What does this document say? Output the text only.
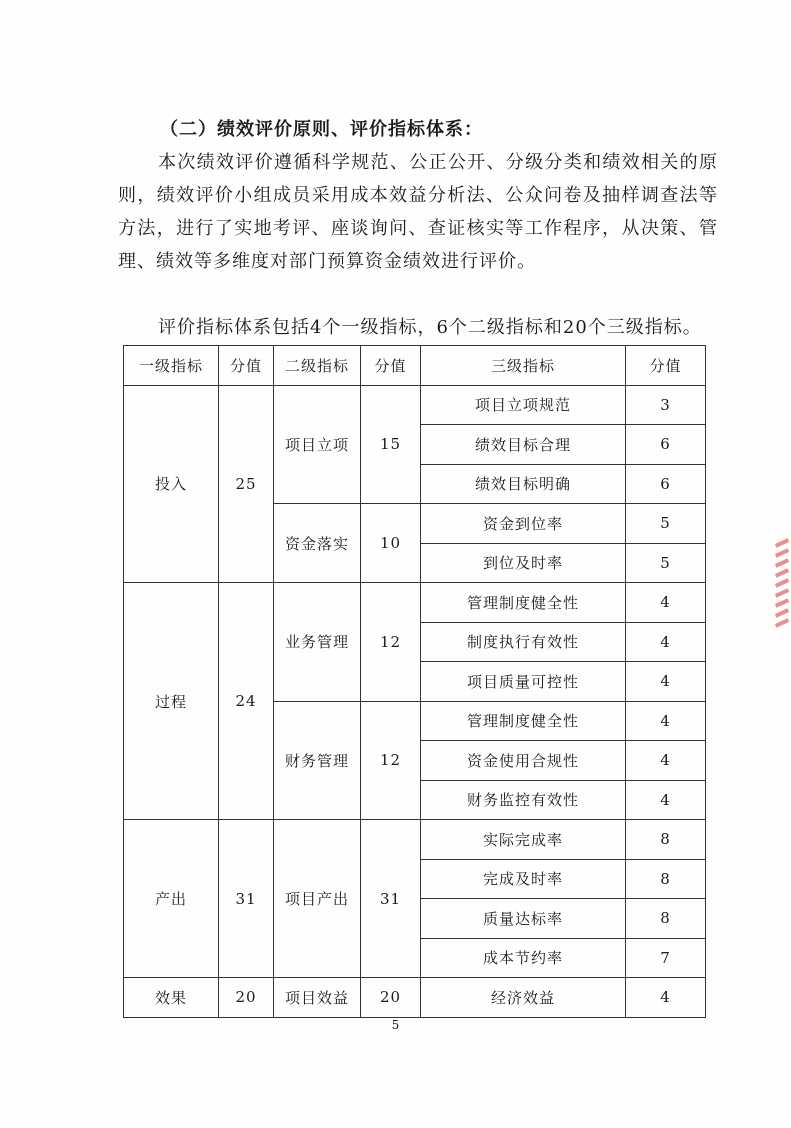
（二）绩效评价原则、评价指标体系：

本次绩效评价遵循科学规范、公正公开、分级分类和绩效相关的原则，绩效评价小组成员采用成本效益分析法、公众问卷及抽样调查法等方法，进行了实地考评、座谈询问、查证核实等工作程序，从决策、管理、绩效等多维度对部门预算资金绩效进行评价。

评价指标体系包括4个一级指标，6个二级指标和20个三级指标。

一级指标	分值	二级指标	分值	三级指标	分值
投入	25	项目立项	15	项目立项规范	3
				绩效目标合理	6
				绩效目标明确	6
		资金落实	10	资金到位率	5
				到位及时率	5
过程	24	业务管理	12	管理制度健全性	4
				制度执行有效性	4
				项目质量可控性	4
		财务管理	12	管理制度健全性	4
				资金使用合规性	4
				财务监控有效性	4
产出	31	项目产出	31	实际完成率	8
				完成及时率	8
				质量达标率	8
				成本节约率	7
效果	20	项目效益	20	经济效益	4
5
